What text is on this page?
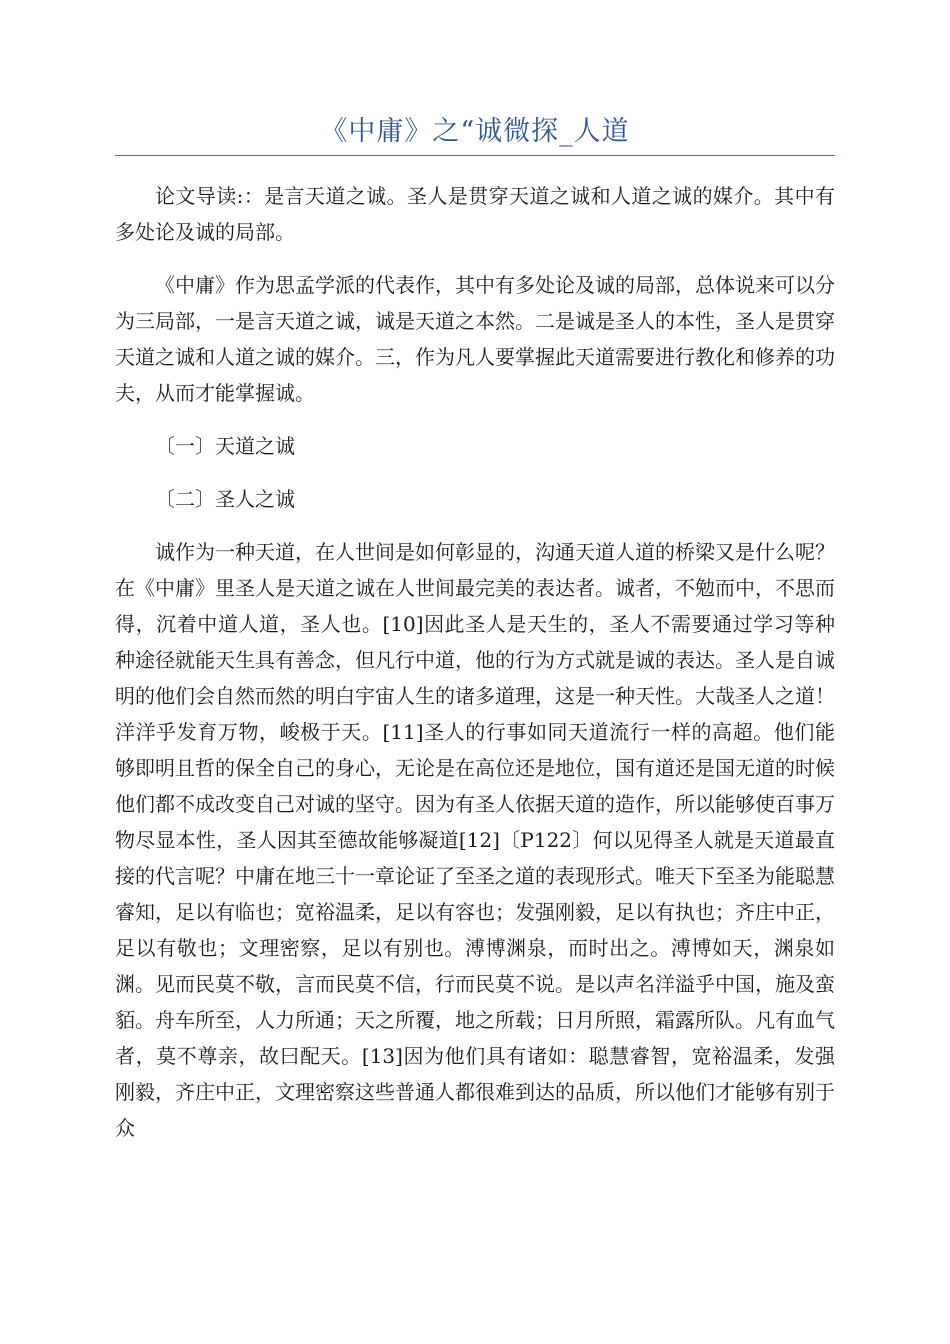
《中庸》之“诚微探_人道

论文导读:：是言天道之诚。圣人是贯穿天道之诚和人道之诚的媒介。其中有多处论及诚的局部。

《中庸》作为思孟学派的代表作，其中有多处论及诚的局部，总体说来可以分为三局部，一是言天道之诚，诚是天道之本然。二是诚是圣人的本性，圣人是贯穿天道之诚和人道之诚的媒介。三，作为凡人要掌握此天道需要进行教化和修养的功夫，从而才能掌握诚。

〔一〕天道之诚

〔二〕圣人之诚

诚作为一种天道，在人世间是如何彰显的，沟通天道人道的桥梁又是什么呢？在《中庸》里圣人是天道之诚在人世间最完美的表达者。诚者，不勉而中，不思而得，沉着中道人道，圣人也。[10]因此圣人是天生的，圣人不需要通过学习等种种途径就能天生具有善念，但凡行中道，他的行为方式就是诚的表达。圣人是自诚明的他们会自然而然的明白宇宙人生的诸多道理，这是一种天性。大哉圣人之道！洋洋乎发育万物，峻极于天。[11]圣人的行事如同天道流行一样的高超。他们能够即明且哲的保全自己的身心，无论是在高位还是地位，国有道还是国无道的时候他们都不成改变自己对诚的坚守。因为有圣人依据天道的造作，所以能够使百事万物尽显本性，圣人因其至德故能够凝道[12]〔P122〕何以见得圣人就是天道最直接的代言呢？中庸在地三十一章论证了至圣之道的表现形式。唯天下至圣为能聪慧睿知，足以有临也；宽裕温柔，足以有容也；发强刚毅，足以有执也；齐庄中正，足以有敬也；文理密察，足以有别也。溥博渊泉，而时出之。溥博如天，渊泉如渊。见而民莫不敬，言而民莫不信，行而民莫不说。是以声名洋溢乎中国，施及蛮貊。舟车所至，人力所通；天之所覆，地之所载；日月所照，霜露所队。凡有血气者，莫不尊亲，故曰配天。[13]因为他们具有诸如：聪慧睿智，宽裕温柔，发强刚毅，齐庄中正，文理密察这些普通人都很难到达的品质，所以他们才能够有别于众
